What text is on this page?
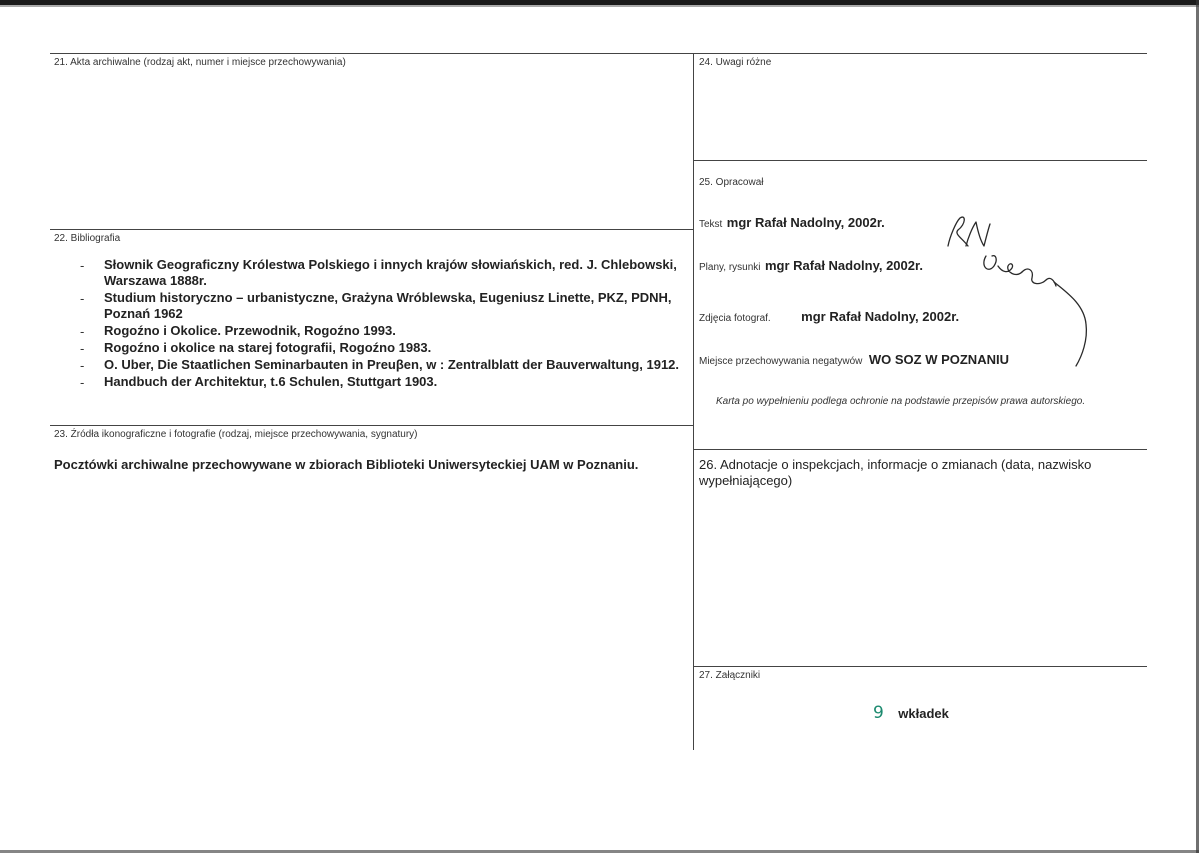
21. Akta archiwalne (rodzaj akt, numer i miejsce przechowywania)
22. Bibliografia
- Słownik Geograficzny Królestwa Polskiego i innych krajów słowiańskich, red. J. Chlebowski, Warszawa 1888r.
- Studium historyczno – urbanistyczne, Grażyna Wróblewska, Eugeniusz Linette, PKZ, PDNH, Poznań 1962
- Rogoźno i Okolice. Przewodnik, Rogoźno 1993.
- Rogoźno i okolice na starej fotografii, Rogoźno 1983.
- O. Uber, Die Staatlichen Seminarbauten in Preuβen, w : Zentralblatt der Bauverwaltung, 1912.
- Handbuch der Architektur, t.6 Schulen, Stuttgart 1903.
23. Źródła ikonograficzne i fotografie (rodzaj, miejsce przechowywania, sygnatury)
Pocztówki archiwalne przechowywane w zbiorach Biblioteki Uniwersyteckiej UAM w Poznaniu.
24. Uwagi różne
25. Opracował
Tekst mgr Rafał Nadolny, 2002r.
Plany, rysunki mgr Rafał Nadolny, 2002r.
Zdjęcia fotograf. mgr Rafał Nadolny, 2002r.
Miejsce przechowywania negatywów WO SOZ W POZNANIU
Karta po wypełnieniu podlega ochronie na podstawie przepisów prawa autorskiego.
26. Adnotacje o inspekcjach, informacje o zmianach (data, nazwisko wypełniającego)
27. Załączniki
9 wkładek
